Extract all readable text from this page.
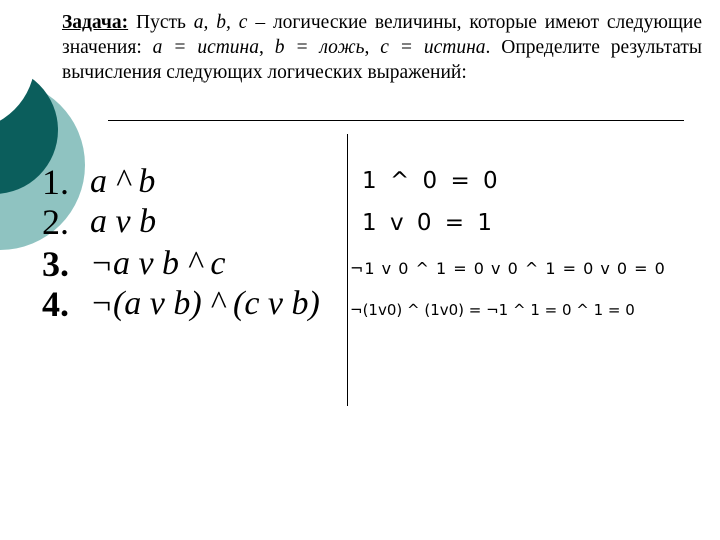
Задача: Пусть a, b, c – логические величины, которые имеют следующие значения: a = истина, b = ложь, c = истина. Определите результаты вычисления следующих логических выражений:
1. a ^ b	1 ^ 0 = 0
2. a v b	1 v 0 = 1
3. ¬a v b ^ c	¬1 v 0 ^ 1 = 0 v 0 ^ 1 = 0 v 0 = 0
4. ¬(a v b) ^ (c v b)	¬(1v0) ^ (1v0) = ¬1 ^ 1 = 0 ^ 1 = 0
